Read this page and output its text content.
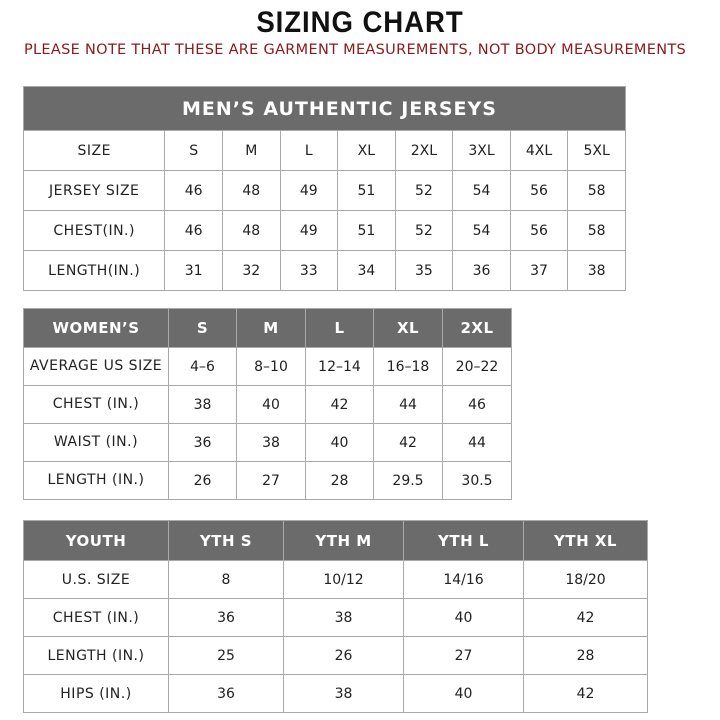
SIZING CHART
PLEASE NOTE THAT THESE ARE GARMENT MEASUREMENTS, NOT BODY MEASUREMENTS
MEN’S AUTHENTIC JERSEYS								
SIZE	S	M	L	XL	2XL	3XL	4XL	5XL
JERSEY SIZE	46	48	49	51	52	54	56	58
CHEST(IN.)	46	48	49	51	52	54	56	58
LENGTH(IN.)	31	32	33	34	35	36	37	38
WOMEN’S	S	M	L	XL	2XL
AVERAGE US SIZE	4–6	8–10	12–14	16–18	20–22
CHEST (IN.)	38	40	42	44	46
WAIST (IN.)	36	38	40	42	44
LENGTH (IN.)	26	27	28	29.5	30.5
YOUTH	YTH S	YTH M	YTH L	YTH XL
U.S. SIZE	8	10/12	14/16	18/20
CHEST (IN.)	36	38	40	42
LENGTH (IN.)	25	26	27	28
HIPS (IN.)	36	38	40	42
